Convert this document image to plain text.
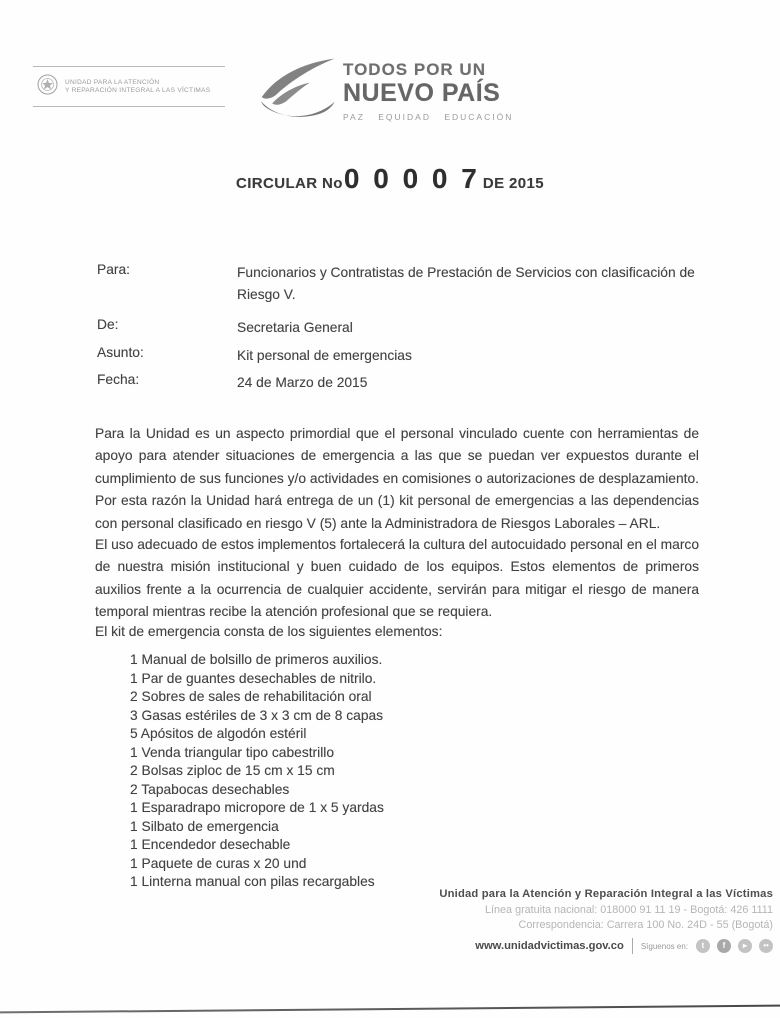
UNIDAD PARA LA ATENCIÓN
Y REPARACIÓN INTEGRAL A LAS VÍCTIMAS
TODOS POR UN
NUEVO PAÍS
PAZ EQUIDAD EDUCACIÓN
CIRCULAR No 0 0 0 0 7 DE 2015
Para:	Funcionarios y Contratistas de Prestación de Servicios con clasificación de Riesgo V.
De:	Secretaria General
Asunto:	Kit personal de emergencias
Fecha:	24 de Marzo de 2015
Para la Unidad es un aspecto primordial que el personal vinculado cuente con herramientas de apoyo para atender situaciones de emergencia a las que se puedan ver expuestos durante el cumplimiento de sus funciones y/o actividades en comisiones o autorizaciones de desplazamiento. Por esta razón la Unidad hará entrega de un (1) kit personal de emergencias a las dependencias con personal clasificado en riesgo V (5) ante la Administradora de Riesgos Laborales – ARL.
El uso adecuado de estos implementos fortalecerá la cultura del autocuidado personal en el marco de nuestra misión institucional y buen cuidado de los equipos. Estos elementos de primeros auxilios frente a la ocurrencia de cualquier accidente, servirán para mitigar el riesgo de manera temporal mientras recibe la atención profesional que se requiera.
El kit de emergencia consta de los siguientes elementos:
1 Manual de bolsillo de primeros auxilios.
1 Par de guantes desechables de nitrilo.
2 Sobres de sales de rehabilitación oral
3 Gasas estériles de 3 x 3 cm de 8 capas
5 Apósitos de algodón estéril
1 Venda triangular tipo cabestrillo
2 Bolsas ziploc de 15 cm x 15 cm
2 Tapabocas desechables
1 Esparadrapo micropore de 1 x 5 yardas
1 Silbato de emergencia
1 Encendedor desechable
1 Paquete de curas x 20 und
1 Linterna manual con pilas recargables
Unidad para la Atención y Reparación Integral a las Víctimas
Línea gratuita nacional: 018000 91 11 19 - Bogotá: 426 1111
Correspondencia: Carrera 100 No. 24D - 55 (Bogotá)
www.unidadvictimas.gov.co Síguenos en:	t	f	▸	••
